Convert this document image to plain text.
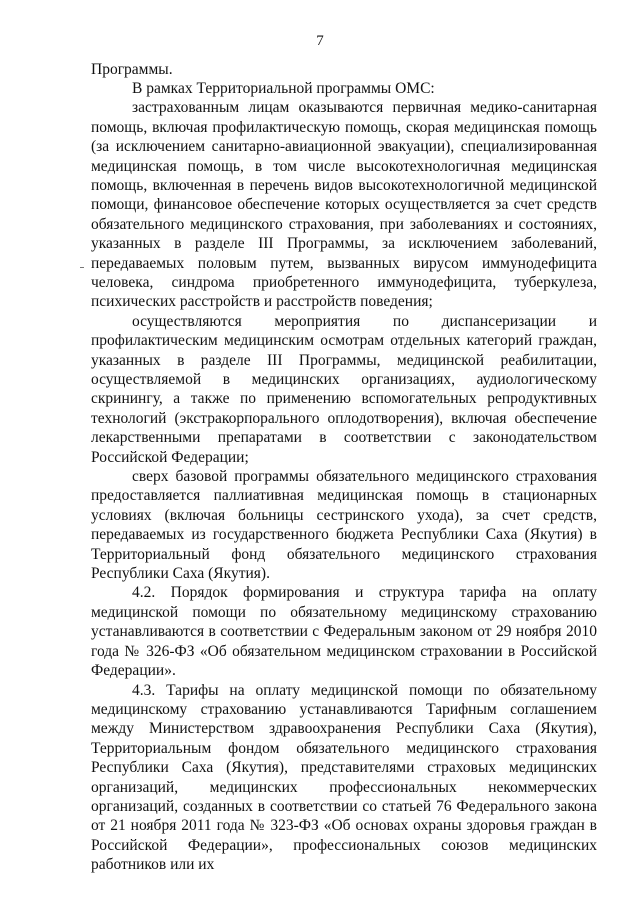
7

Программы.

В рамках Территориальной программы ОМС:

застрахованным лицам оказываются первичная медико-санитарная помощь, включая профилактическую помощь, скорая медицинская помощь (за исключением санитарно-авиационной эвакуации), специализированная медицинская помощь, в том числе высокотехнологичная медицинская помощь, включенная в перечень видов высокотехнологичной медицинской помощи, финансовое обеспечение которых осуществляется за счет средств обязательного медицинского страхования, при заболеваниях и состояниях, указанных в разделе III Программы, за исключением заболеваний, передаваемых половым путем, вызванных вирусом иммунодефицита человека, синдрома приобретенного иммунодефицита, туберкулеза, психических расстройств и расстройств поведения;

осуществляются мероприятия по диспансеризации и профилактическим медицинским осмотрам отдельных категорий граждан, указанных в разделе III Программы, медицинской реабилитации, осуществляемой в медицинских организациях, аудиологическому скринингу, а также по применению вспомогательных репродуктивных технологий (экстракорпорального оплодотворения), включая обеспечение лекарственными препаратами в соответствии с законодательством Российской Федерации;

сверх базовой программы обязательного медицинского страхования предоставляется паллиативная медицинская помощь в стационарных условиях (включая больницы сестринского ухода), за счет средств, передаваемых из государственного бюджета Республики Саха (Якутия) в Территориальный фонд обязательного медицинского страхования Республики Саха (Якутия).

4.2. Порядок формирования и структура тарифа на оплату медицинской помощи по обязательному медицинскому страхованию устанавливаются в соответствии с Федеральным законом от 29 ноября 2010 года № 326-ФЗ «Об обязательном медицинском страховании в Российской Федерации».

4.3. Тарифы на оплату медицинской помощи по обязательному медицинскому страхованию устанавливаются Тарифным соглашением между Министерством здравоохранения Республики Саха (Якутия), Территориальным фондом обязательного медицинского страхования Республики Саха (Якутия), представителями страховых медицинских организаций, медицинских профессиональных некоммерческих организаций, созданных в соответствии со статьей 76 Федерального закона от 21 ноября 2011 года № 323-ФЗ «Об основах охраны здоровья граждан в Российской Федерации», профессиональных союзов медицинских работников или их
